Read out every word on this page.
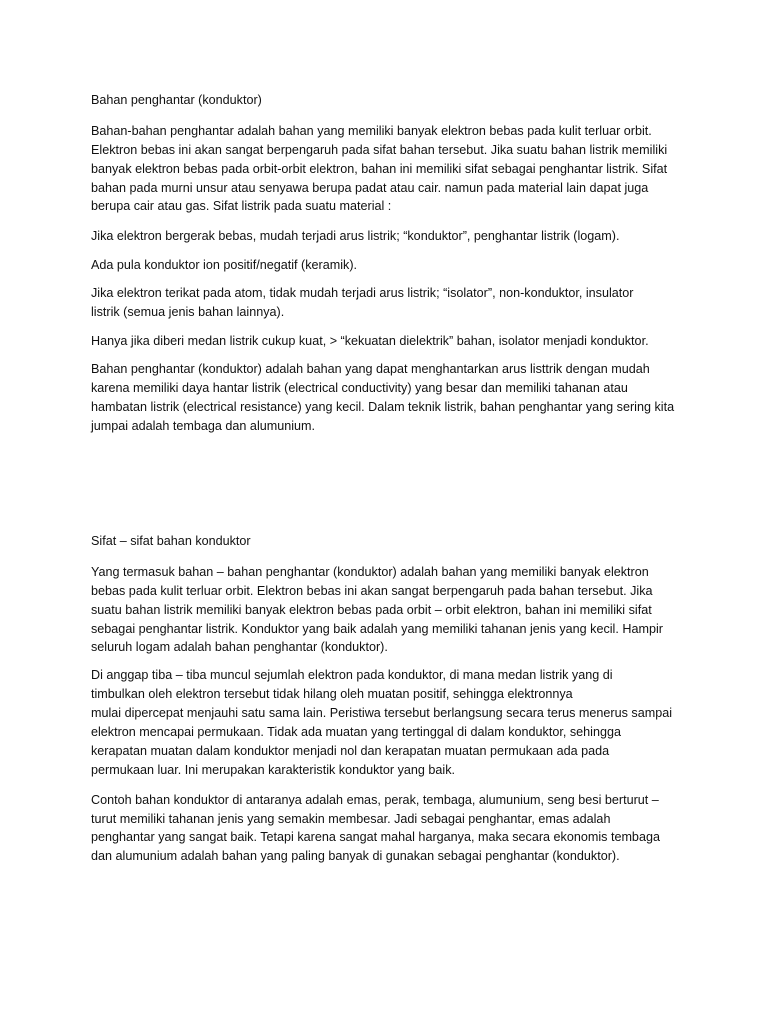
Bahan penghantar (konduktor)
Bahan-bahan penghantar adalah bahan yang memiliki banyak elektron bebas pada kulit terluar orbit.
Elektron bebas ini akan sangat berpengaruh pada sifat bahan tersebut. Jika suatu bahan listrik memiliki
banyak elektron bebas pada orbit-orbit elektron, bahan ini memiliki sifat sebagai penghantar listrik. Sifat
bahan pada murni unsur atau senyawa berupa padat atau cair. namun pada material lain dapat juga
berupa cair atau gas. Sifat listrik pada suatu material :
Jika elektron bergerak bebas, mudah terjadi arus listrik; “konduktor”, penghantar listrik (logam).
Ada pula konduktor ion positif/negatif (keramik).
Jika elektron terikat pada atom, tidak mudah terjadi arus listrik; “isolator”, non-konduktor, insulator
listrik (semua jenis bahan lainnya).
Hanya jika diberi medan listrik cukup kuat, > “kekuatan dielektrik” bahan, isolator menjadi konduktor.
Bahan penghantar (konduktor) adalah bahan yang dapat menghantarkan arus listtrik dengan mudah
karena memiliki daya hantar listrik (electrical conductivity) yang besar dan memiliki tahanan atau
hambatan listrik (electrical resistance) yang kecil. Dalam teknik listrik, bahan penghantar yang sering kita
jumpai adalah tembaga dan alumunium.
Sifat – sifat bahan konduktor
Yang termasuk bahan – bahan penghantar (konduktor) adalah bahan yang memiliki banyak elektron
bebas pada kulit terluar orbit. Elektron bebas ini akan sangat berpengaruh pada bahan tersebut. Jika
suatu bahan listrik memiliki banyak elektron bebas pada orbit – orbit elektron, bahan ini memiliki sifat
sebagai penghantar listrik. Konduktor yang baik adalah yang memiliki tahanan jenis yang kecil. Hampir
seluruh logam adalah bahan penghantar (konduktor).
Di anggap tiba – tiba muncul sejumlah elektron pada konduktor, di mana medan listrik yang di
timbulkan oleh elektron tersebut tidak hilang oleh muatan positif, sehingga elektronnya
mulai dipercepat menjauhi satu sama lain. Peristiwa tersebut berlangsung secara terus menerus sampai
elektron mencapai permukaan. Tidak ada muatan yang tertinggal di dalam konduktor, sehingga
kerapatan muatan dalam konduktor menjadi nol dan kerapatan muatan permukaan ada pada
permukaan luar. Ini merupakan karakteristik konduktor yang baik.
Contoh bahan konduktor di antaranya adalah emas, perak, tembaga, alumunium, seng besi berturut –
turut memiliki tahanan jenis yang semakin membesar. Jadi sebagai penghantar, emas adalah
penghantar yang sangat baik. Tetapi karena sangat mahal harganya, maka secara ekonomis tembaga
dan alumunium adalah bahan yang paling banyak di gunakan sebagai penghantar (konduktor).
